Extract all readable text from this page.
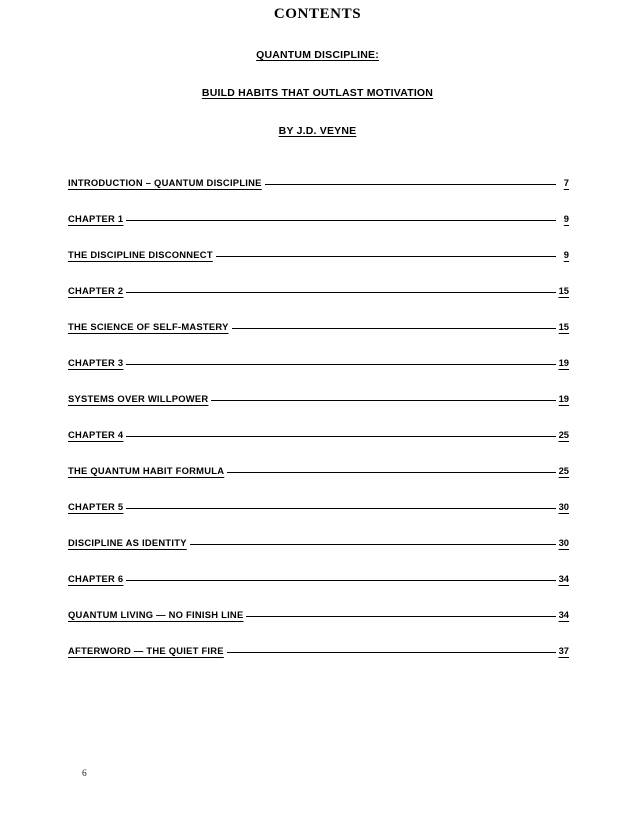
CONTENTS
QUANTUM DISCIPLINE:
BUILD HABITS THAT OUTLAST MOTIVATION
BY J.D. VEYNE
INTRODUCTION – QUANTUM DISCIPLINE	7
CHAPTER 1	9
THE DISCIPLINE DISCONNECT	9
CHAPTER 2	15
THE SCIENCE OF SELF-MASTERY	15
CHAPTER 3	19
SYSTEMS OVER WILLPOWER	19
CHAPTER 4	25
THE QUANTUM HABIT FORMULA	25
CHAPTER 5	30
DISCIPLINE AS IDENTITY	30
CHAPTER 6	34
QUANTUM LIVING — NO FINISH LINE	34
AFTERWORD — THE QUIET FIRE	37
6
